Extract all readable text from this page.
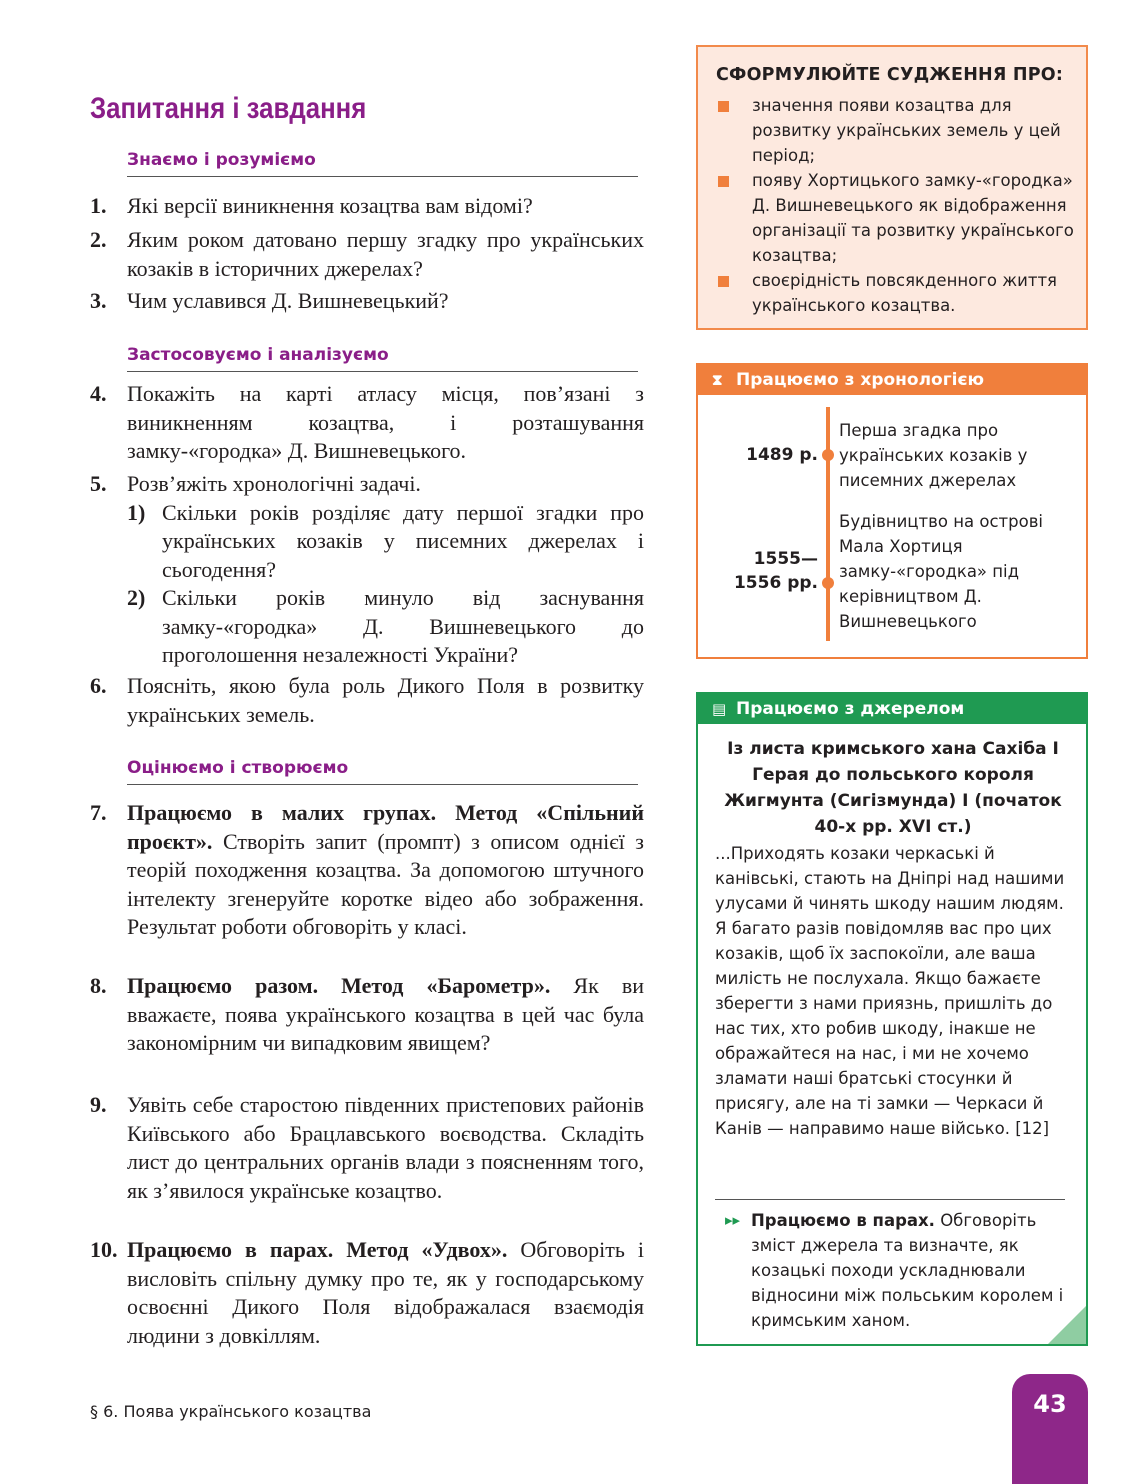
Запитання і завдання
Знаємо і розуміємо
1. Які версії виникнення козацтва вам відомі?
2. Яким роком датовано першу згадку про українських козаків в історичних джерелах?
3. Чим уславився Д. Вишневецький?
Застосовуємо і аналізуємо
4. Покажіть на карті атласу місця, пов’язані з виникненням козацтва, і розташування замку-«городка» Д. Вишневецького.
5. Розв’яжіть хронологічні задачі.
1) Скільки років розділяє дату першої згадки про українських козаків у писемних джерелах і сьогодення?
2) Скільки років минуло від заснування замку-«городка» Д. Вишневецького до проголошення незалежності України?
6. Поясніть, якою була роль Дикого Поля в розвитку українських земель.
Оцінюємо і створюємо
7. Працюємо в малих групах. Метод «Спільний проєкт». Створіть запит (промпт) з описом однієї з теорій походження козацтва. За допомогою штучного інтелекту згенеруйте коротке відео або зображення. Результат роботи обговоріть у класі.
8. Працюємо разом. Метод «Барометр». Як ви вважаєте, поява українського козацтва в цей час була закономірним чи випадковим явищем?
9. Уявіть себе старостою південних пристепових районів Київського або Брацлавського воєводства. Складіть лист до центральних органів влади з поясненням того, як з’явилося українське козацтво.
10. Працюємо в парах. Метод «Удвох». Обговоріть і висловіть спільну думку про те, як у господарському освоєнні Дикого Поля відображалася взаємодія людини з довкіллям.
СФОРМУЛЮЙТЕ СУДЖЕННЯ ПРО:
значення появи козацтва для розвитку українських земель у цей період;
появу Хортицького замку-«городка» Д. Вишневецького як відображення організації та розвитку українського козацтва;
своєрідність повсякденного життя українського козацтва.
⧗ Працюємо з хронологією
1489 р.
Перша згадка про українських козаків у писемних джерелах
1555—
1556 рр.
Будівництво на острові Мала Хортиця замку-«городка» під керівництвом Д. Вишневецького
▤ Працюємо з джерелом
Із листа кримського хана Сахіба І Герая до польського короля Жигмунта (Сигізмунда) І (початок 40-х рр. XVI ст.)
...Приходять козаки черкаські й канівські, стають на Дніпрі над нашими улусами й чинять шкоду нашим людям. Я багато разів повідомляв вас про цих козаків, щоб їх заспокоїли, але ваша милість не послухала. Якщо бажаєте зберегти з нами приязнь, пришліть до нас тих, хто робив шкоду, інакше не ображайтеся на нас, і ми не хочемо зламати наші братські стосунки й присягу, але на ті замки — Черкаси й Канів — направимо наше військо. [12]
▸▸ Працюємо в парах. Обговоріть зміст джерела та визначте, як козацькі походи ускладнювали відносини між польським королем і кримським ханом.
§ 6. Поява українського козацтва	43
